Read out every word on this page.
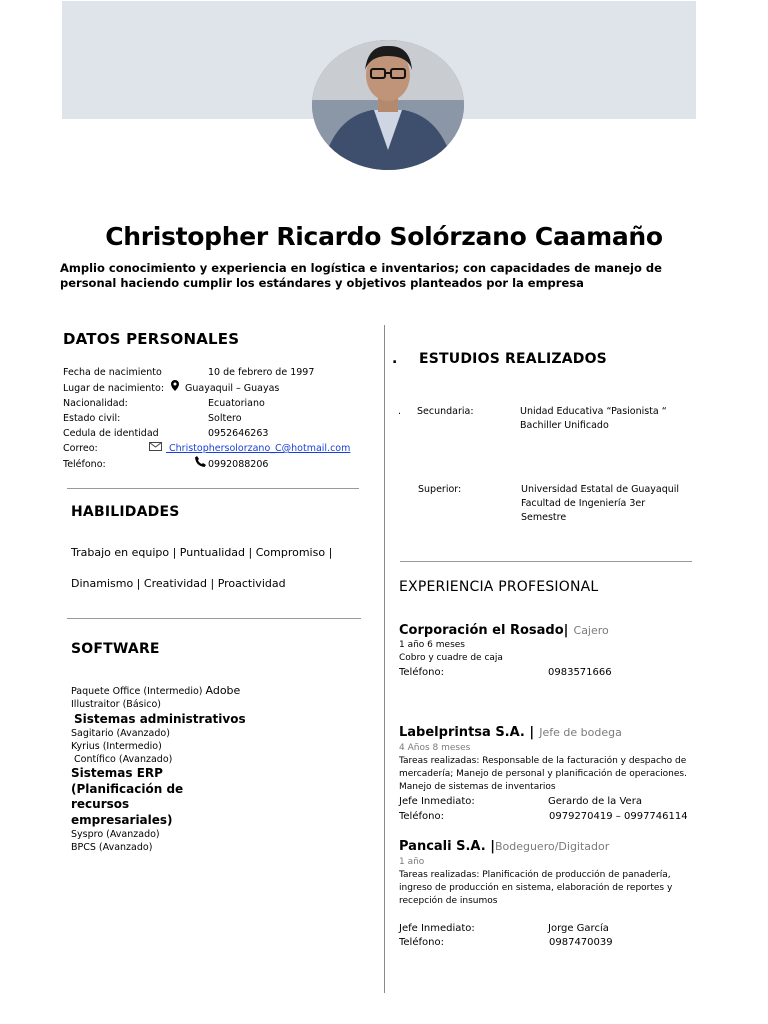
Christopher Ricardo Solórzano Caamaño
Amplio conocimiento y experiencia en logística e inventarios; con capacidades de manejo de personal haciendo cumplir los estándares y objetivos planteados por la empresa
DATOS PERSONALES
Fecha de nacimiento	10 de febrero de 1997
Lugar de nacimiento: Guayaquil – Guayas
Nacionalidad:	Ecuatoriano
Estado civil:	Soltero
Cedula de identidad	0952646263
Correo:	Christophersolorzano_C@hotmail.com
Teléfono:	0992088206
HABILIDADES
Trabajo en equipo | Puntualidad | Compromiso |
Dinamismo | Creatividad | Proactividad
SOFTWARE
Paquete Office (Intermedio) Adobe
Illustraitor (Básico)
Sistemas administrativos
Sagitario (Avanzado)
Kyrius (Intermedio)
Contífico (Avanzado)
Sistemas ERP
(Planificación de
recursos
empresariales)
Syspro (Avanzado)
BPCS (Avanzado)
. ESTUDIOS REALIZADOS
. Secundaria:	Unidad Educativa “Pasionista “
Bachiller Unificado
Superior:	Universidad Estatal de Guayaquil
Facultad de Ingeniería 3er
Semestre
EXPERIENCIA PROFESIONAL
Corporación el Rosado| Cajero
1 año 6 meses
Cobro y cuadre de caja
Teléfono:	0983571666
Labelprintsa S.A. | Jefe de bodega
4 Años 8 meses
Tareas realizadas: Responsable de la facturación y despacho de
mercadería; Manejo de personal y planificación de operaciones.
Manejo de sistemas de inventarios
Jefe Inmediato:	Gerardo de la Vera
Teléfono:	0979270419 – 0997746114
Pancali S.A. |Bodeguero/Digitador
1 año
Tareas realizadas: Planificación de producción de panadería,
ingreso de producción en sistema, elaboración de reportes y
recepción de insumos
Jefe Inmediato:	Jorge García
Teléfono:	0987470039
